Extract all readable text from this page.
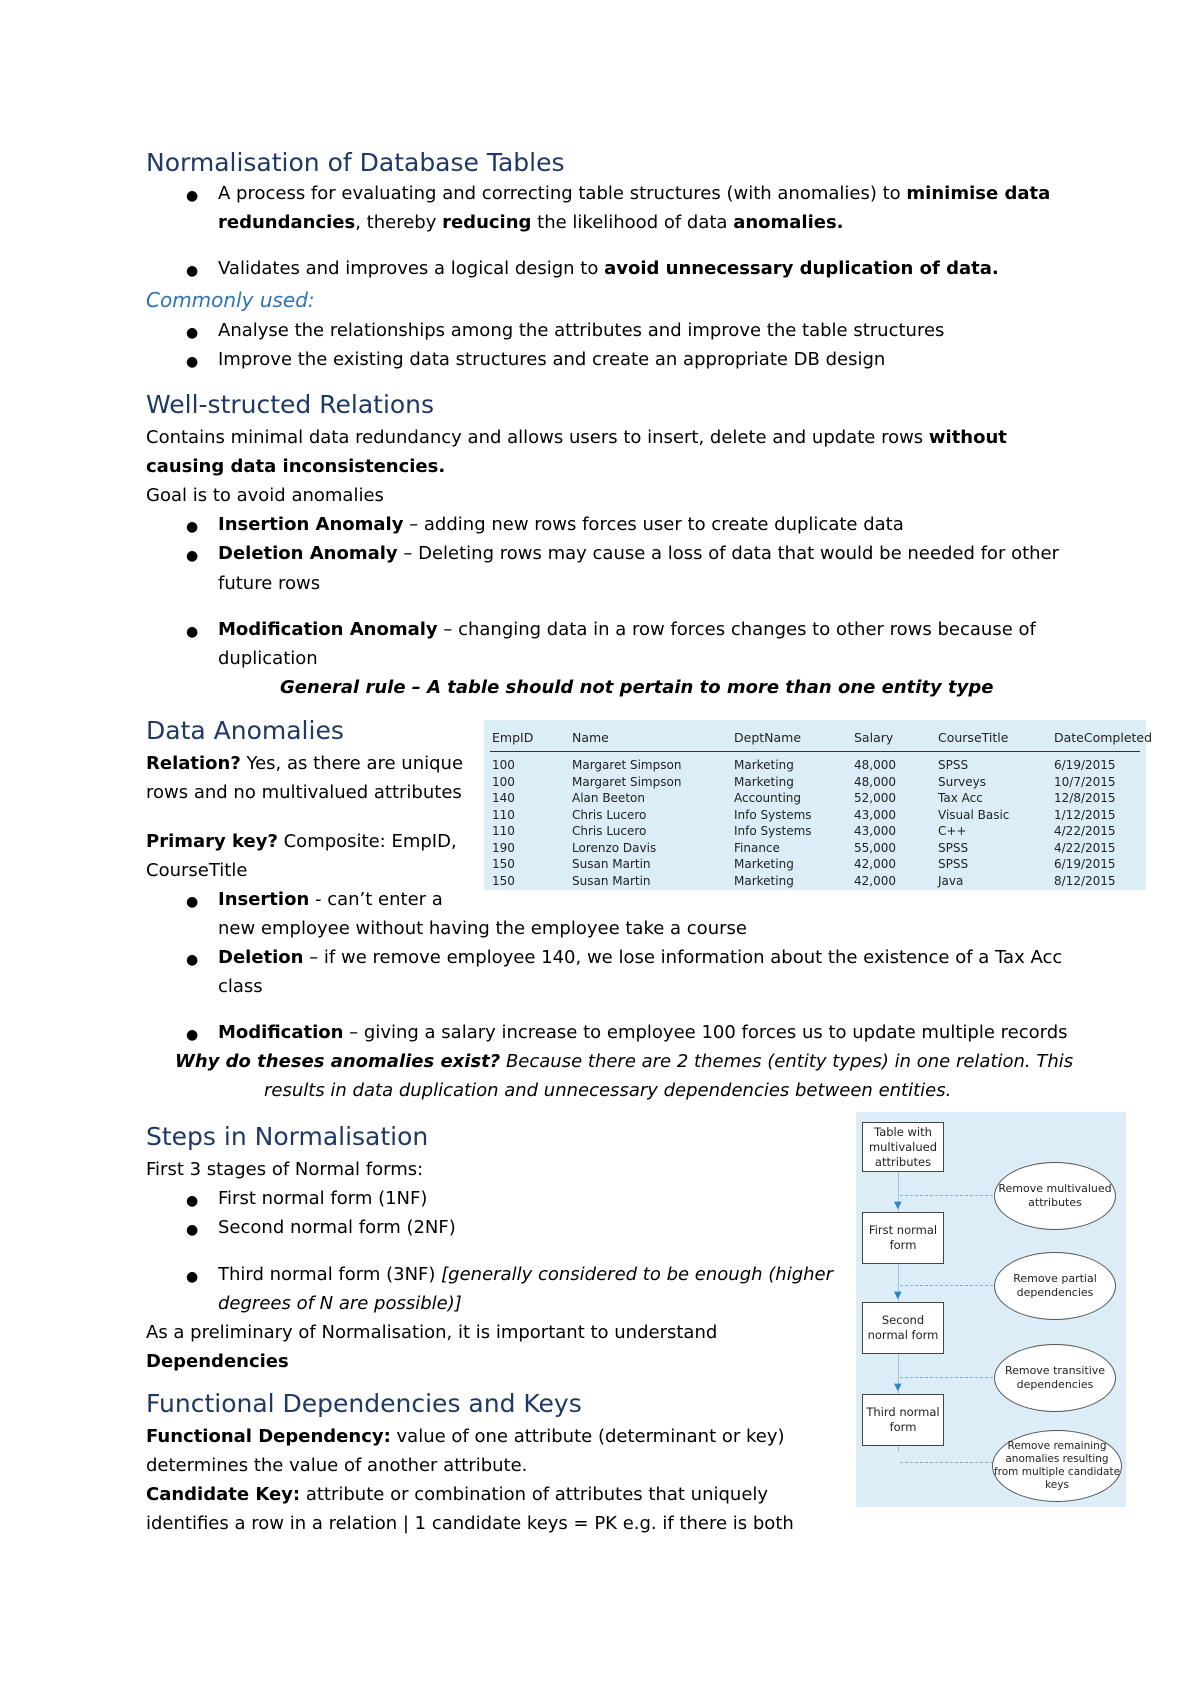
Normalisation of Database Tables
● A process for evaluating and correcting table structures (with anomalies) to minimise data
redundancies, thereby reducing the likelihood of data anomalies.
● Validates and improves a logical design to avoid unnecessary duplication of data.
Commonly used:
● Analyse the relationships among the attributes and improve the table structures
● Improve the existing data structures and create an appropriate DB design
Well-structed Relations
Contains minimal data redundancy and allows users to insert, delete and update rows without
causing data inconsistencies.
Goal is to avoid anomalies
● Insertion Anomaly – adding new rows forces user to create duplicate data
● Deletion Anomaly – Deleting rows may cause a loss of data that would be needed for other
future rows
● Modification Anomaly – changing data in a row forces changes to other rows because of
duplication
General rule – A table should not pertain to more than one entity type
Data Anomalies
Relation? Yes, as there are unique
rows and no multivalued attributes
Primary key? Composite: EmpID,
CourseTitle
● Insertion - can’t enter a
new employee without having the employee take a course
● Deletion – if we remove employee 140, we lose information about the existence of a Tax Acc
class
● Modification – giving a salary increase to employee 100 forces us to update multiple records
Why do theses anomalies exist? Because there are 2 themes (entity types) in one relation. This
results in data duplication and unnecessary dependencies between entities.
EmpID	Name	DeptName	Salary	CourseTitle	DateCompleted
100	Margaret Simpson	Marketing	48,000	SPSS	6/19/2015
100	Margaret Simpson	Marketing	48,000	Surveys	10/7/2015
140	Alan Beeton	Accounting	52,000	Tax Acc	12/8/2015
110	Chris Lucero	Info Systems	43,000	Visual Basic	1/12/2015
110	Chris Lucero	Info Systems	43,000	C++	4/22/2015
190	Lorenzo Davis	Finance	55,000	SPSS	4/22/2015
150	Susan Martin	Marketing	42,000	SPSS	6/19/2015
150	Susan Martin	Marketing	42,000	Java	8/12/2015
Steps in Normalisation
First 3 stages of Normal forms:
● First normal form (1NF)
● Second normal form (2NF)
● Third normal form (3NF) [generally considered to be enough (higher
degrees of N are possible)]
As a preliminary of Normalisation, it is important to understand
Dependencies
Table with multivalued attributes
▼
First normal form
▼
Second normal form
▼
Third normal form
Remove multivalued attributes
Remove partial dependencies
Remove transitive dependencies
Remove remaining anomalies resulting from multiple candidate keys
Functional Dependencies and Keys
Functional Dependency: value of one attribute (determinant or key)
determines the value of another attribute.
Candidate Key: attribute or combination of attributes that uniquely
identifies a row in a relation | 1 candidate keys = PK e.g. if there is both
